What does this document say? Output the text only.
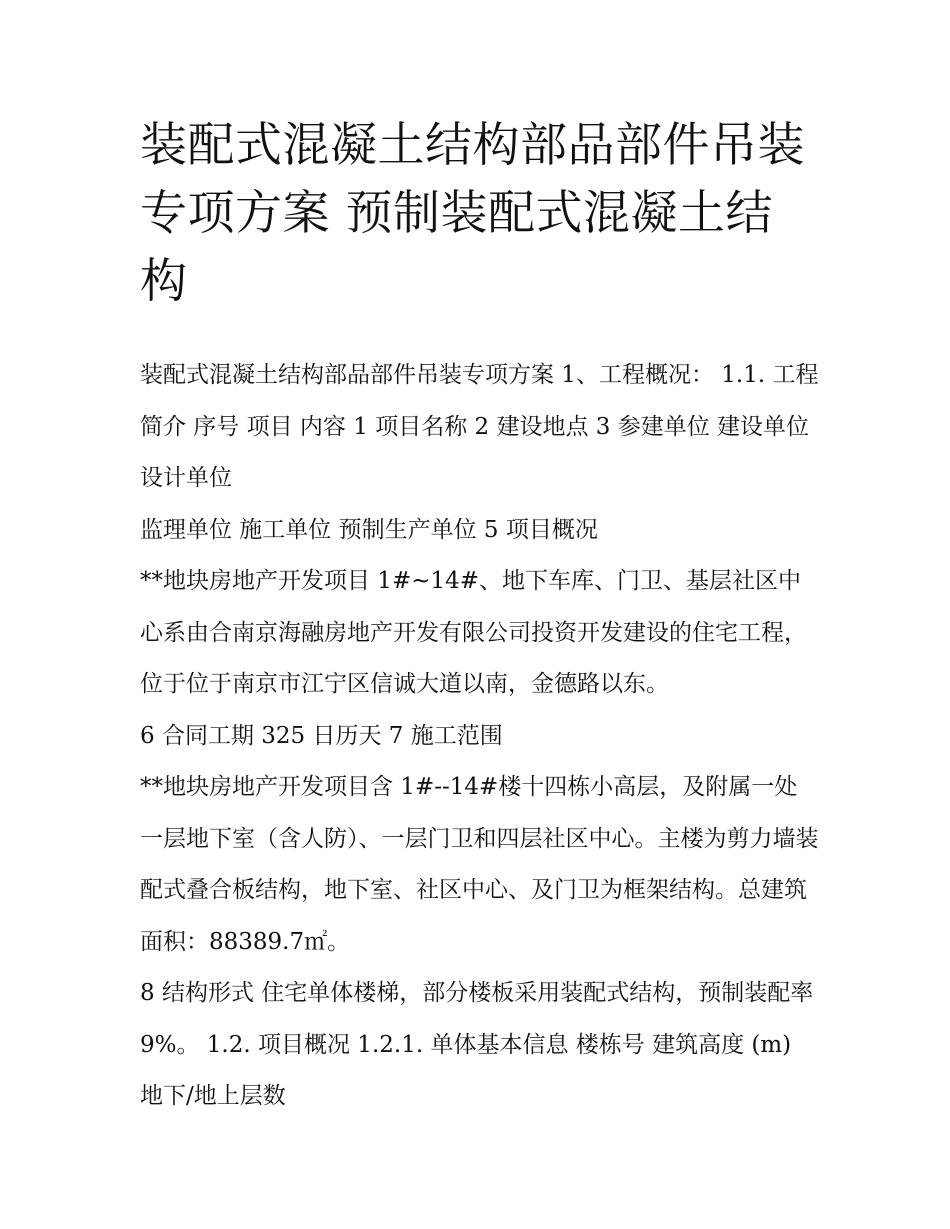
装配式混凝土结构部品部件吊装专项方案 预制装配式混凝土结构

装配式混凝土结构部品部件吊装专项方案 1、工程概况： 1.1. 工程简介 序号 项目 内容 1 项目名称 2 建设地点 3 参建单位 建设单位 设计单位

监理单位 施工单位 预制生产单位 5 项目概况

**地块房地产开发项目 1#~14#、地下车库、门卫、基层社区中心系由合南京海融房地产开发有限公司投资开发建设的住宅工程，位于位于南京市江宁区信诚大道以南，金德路以东。

6 合同工期 325 日历天 7 施工范围

**地块房地产开发项目含 1#--14#楼十四栋小高层，及附属一处一层地下室（含人防）、一层门卫和四层社区中心。主楼为剪力墙装配式叠合板结构，地下室、社区中心、及门卫为框架结构。总建筑面积：88389.7㎡。

8 结构形式 住宅单体楼梯，部分楼板采用装配式结构，预制装配率 9%。 1.2. 项目概况 1.2.1. 单体基本信息 楼栋号 建筑高度 (m) 地下/地上层数
